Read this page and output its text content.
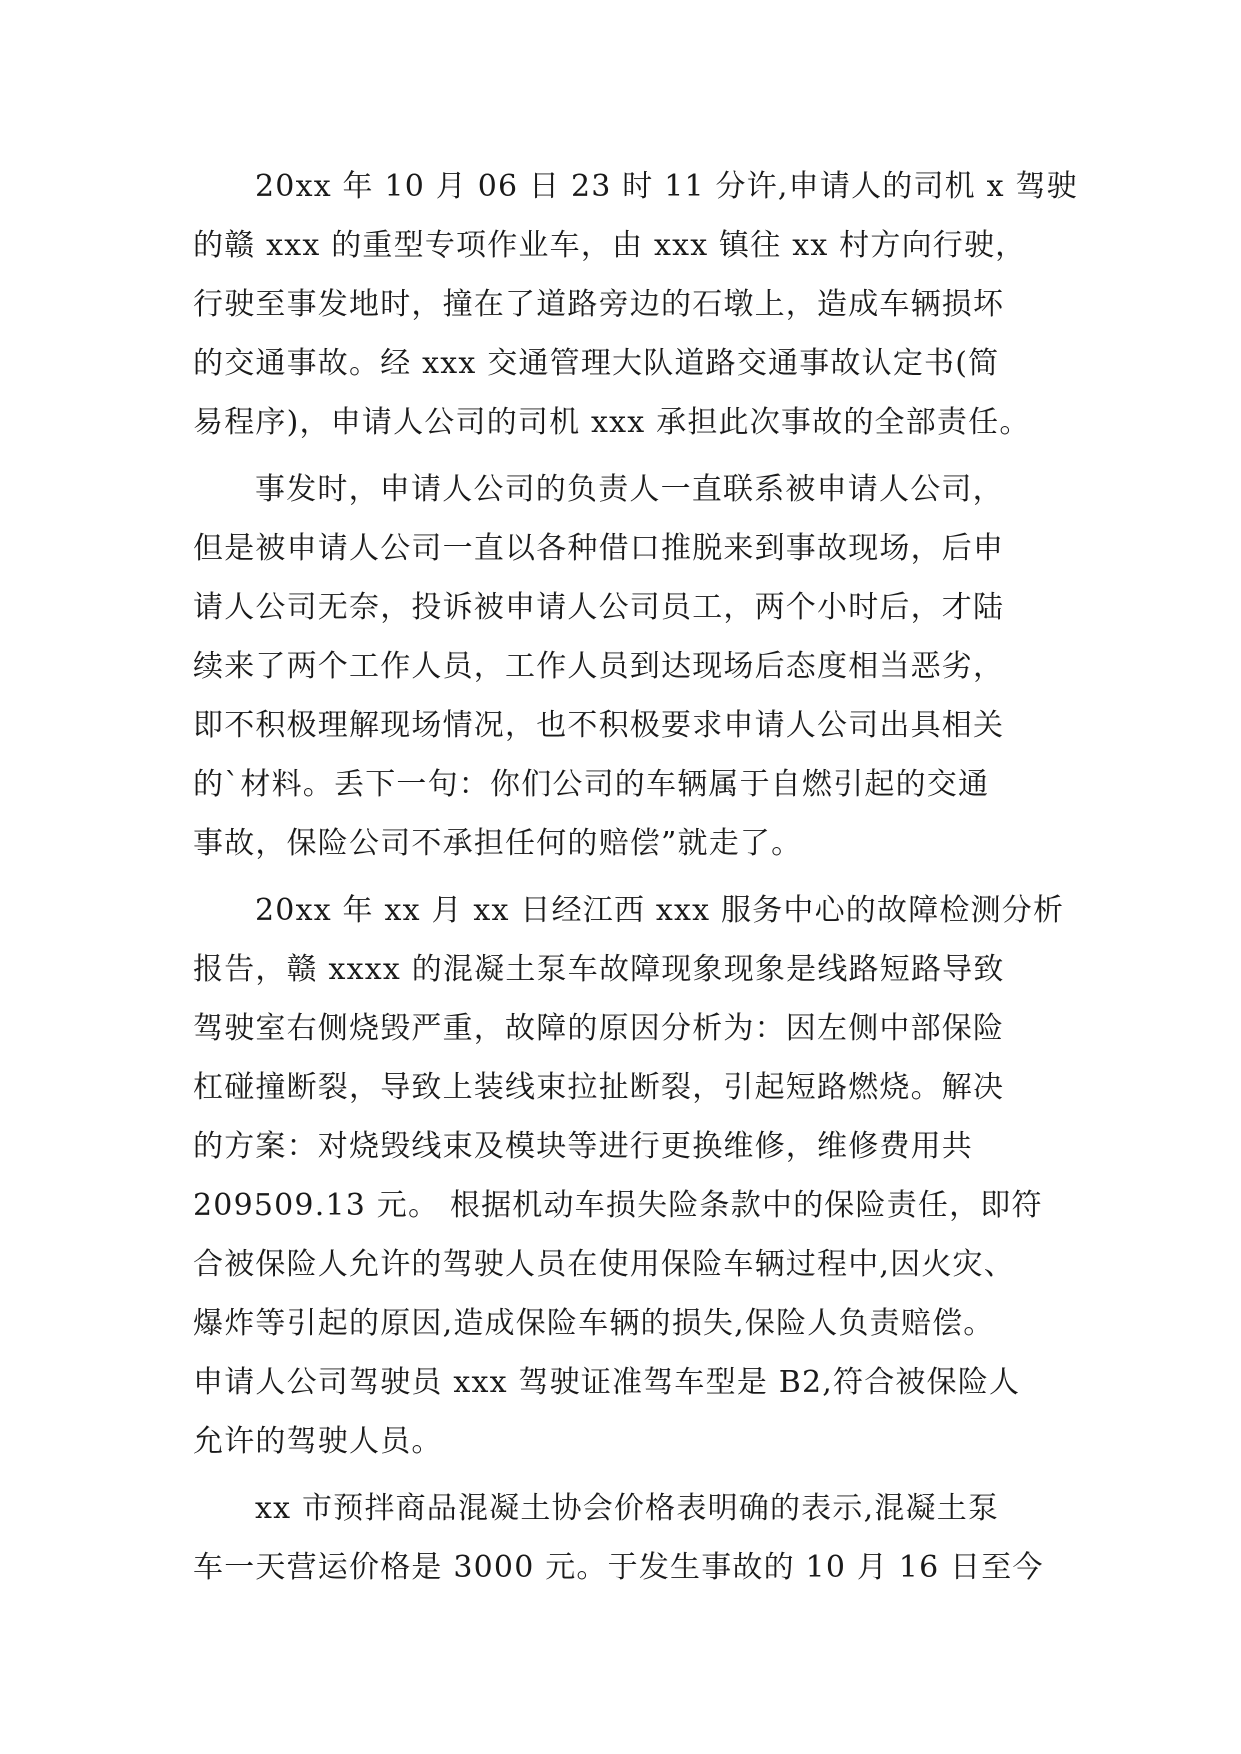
20xx 年 10 月 06 日 23 时 11 分许,申请人的司机 x 驾驶
的赣 xxx 的重型专项作业车，由 xxx 镇往 xx 村方向行驶，
行驶至事发地时，撞在了道路旁边的石墩上，造成车辆损坏
的交通事故。经 xxx 交通管理大队道路交通事故认定书(简
易程序)，申请人公司的司机 xxx 承担此次事故的全部责任。
事发时，申请人公司的负责人一直联系被申请人公司，
但是被申请人公司一直以各种借口推脱来到事故现场，后申
请人公司无奈，投诉被申请人公司员工，两个小时后，才陆
续来了两个工作人员，工作人员到达现场后态度相当恶劣，
即不积极理解现场情况，也不积极要求申请人公司出具相关
的`材料。丢下一句：你们公司的车辆属于自燃引起的交通
事故，保险公司不承担任何的赔偿”就走了。
20xx 年 xx 月 xx 日经江西 xxx 服务中心的故障检测分析
报告，赣 xxxx 的混凝土泵车故障现象现象是线路短路导致
驾驶室右侧烧毁严重，故障的原因分析为：因左侧中部保险
杠碰撞断裂，导致上装线束拉扯断裂，引起短路燃烧。解决
的方案：对烧毁线束及模块等进行更换维修，维修费用共
209509.13 元。 根据机动车损失险条款中的保险责任，即符
合被保险人允许的驾驶人员在使用保险车辆过程中,因火灾、
爆炸等引起的原因,造成保险车辆的损失,保险人负责赔偿。
申请人公司驾驶员 xxx 驾驶证准驾车型是 B2,符合被保险人
允许的驾驶人员。
xx 市预拌商品混凝土协会价格表明确的表示,混凝土泵
车一天营运价格是 3000 元。于发生事故的 10 月 16 日至今
